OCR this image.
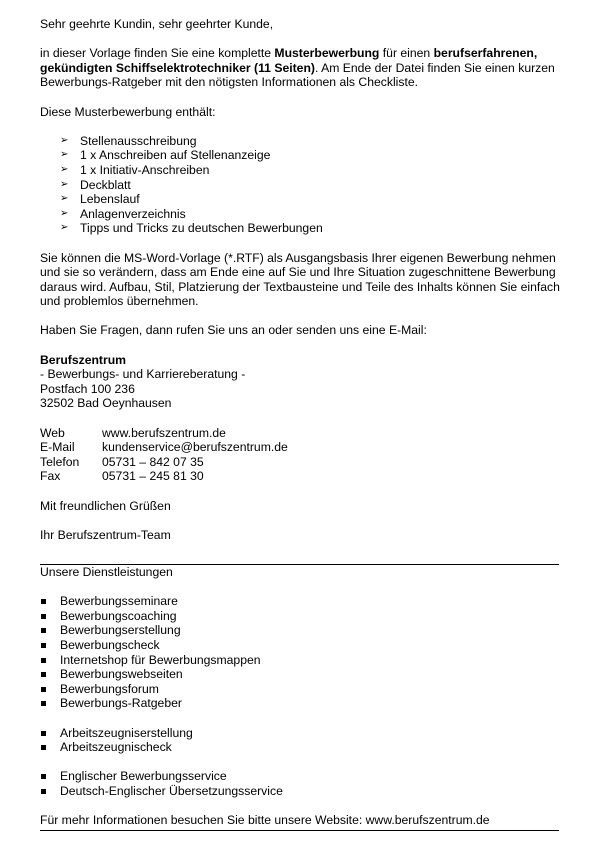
Sehr geehrte Kundin, sehr geehrter Kunde,

in dieser Vorlage finden Sie eine komplette Musterbewerbung für einen berufserfahrenen, gekündigten Schiffselektrotechniker (11 Seiten). Am Ende der Datei finden Sie einen kurzen Bewerbungs-Ratgeber mit den nötigsten Informationen als Checkliste.

Diese Musterbewerbung enthält:

➢ Stellenausschreibung
➢ 1 x Anschreiben auf Stellenanzeige
➢ 1 x Initiativ-Anschreiben
➢ Deckblatt
➢ Lebenslauf
➢ Anlagenverzeichnis
➢ Tipps und Tricks zu deutschen Bewerbungen

Sie können die MS-Word-Vorlage (*.RTF) als Ausgangsbasis Ihrer eigenen Bewerbung nehmen und sie so verändern, dass am Ende eine auf Sie und Ihre Situation zugeschnittene Bewerbung daraus wird. Aufbau, Stil, Platzierung der Textbausteine und Teile des Inhalts können Sie einfach und problemlos übernehmen.

Haben Sie Fragen, dann rufen Sie uns an oder senden uns eine E-Mail:

Berufszentrum

- Bewerbungs- und Karriereberatung -

Postfach 100 236

32502 Bad Oeynhausen

Web	www.berufszentrum.de
E-Mail	kundenservice@berufszentrum.de
Telefon	05731 – 842 07 35
Fax	05731 – 245 81 30

Mit freundlichen Grüßen

Ihr Berufszentrum-Team

Unsere Dienstleistungen

Bewerbungsseminare
Bewerbungscoaching
Bewerbungserstellung
Bewerbungscheck
Internetshop für Bewerbungsmappen
Bewerbungswebseiten
Bewerbungsforum
Bewerbungs-Ratgeber
Arbeitszeugniserstellung
Arbeitszeugnischeck
Englischer Bewerbungsservice
Deutsch-Englischer Übersetzungsservice

Für mehr Informationen besuchen Sie bitte unsere Website: www.berufszentrum.de
